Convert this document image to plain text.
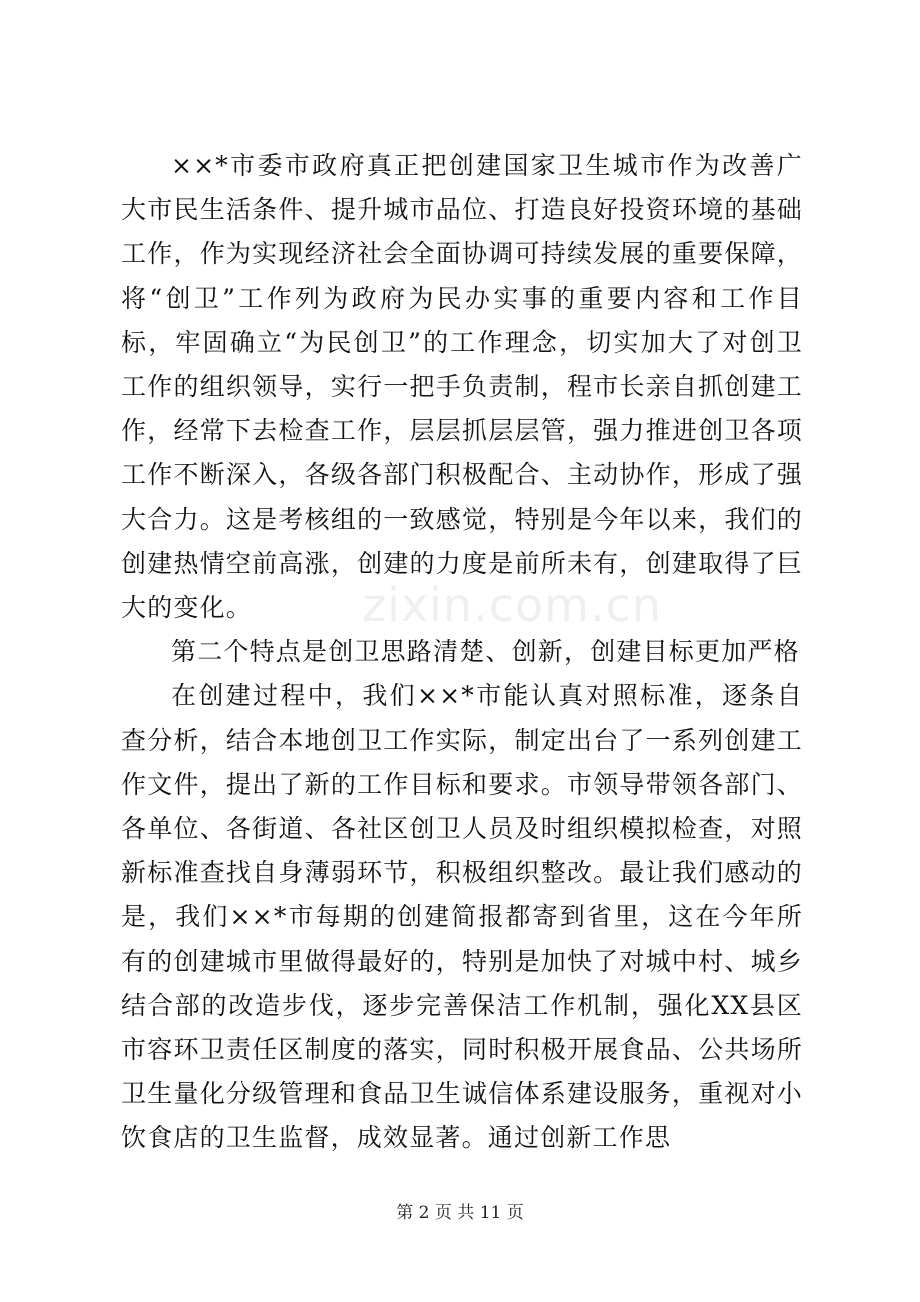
××*市委市政府真正把创建国家卫生城市作为改善广大市民生活条件、提升城市品位、打造良好投资环境的基础工作，作为实现经济社会全面协调可持续发展的重要保障，将“创卫”工作列为政府为民办实事的重要内容和工作目标，牢固确立“为民创卫”的工作理念，切实加大了对创卫工作的组织领导，实行一把手负责制，程市长亲自抓创建工作，经常下去检查工作，层层抓层层管，强力推进创卫各项工作不断深入，各级各部门积极配合、主动协作，形成了强大合力。这是考核组的一致感觉，特别是今年以来，我们的创建热情空前高涨，创建的力度是前所未有，创建取得了巨大的变化。

第二个特点是创卫思路清楚、创新，创建目标更加严格

在创建过程中，我们××*市能认真对照标准，逐条自查分析，结合本地创卫工作实际，制定出台了一系列创建工作文件，提出了新的工作目标和要求。市领导带领各部门、各单位、各街道、各社区创卫人员及时组织模拟检查，对照新标准查找自身薄弱环节，积极组织整改。最让我们感动的是，我们××*市每期的创建简报都寄到省里，这在今年所有的创建城市里做得最好的，特别是加快了对城中村、城乡结合部的改造步伐，逐步完善保洁工作机制，强化XX县区市容环卫责任区制度的落实，同时积极开展食品、公共场所卫生量化分级管理和食品卫生诚信体系建设服务，重视对小饮食店的卫生监督，成效显著。通过创新工作思

zixin.com.cn
第 2 页 共 11 页
